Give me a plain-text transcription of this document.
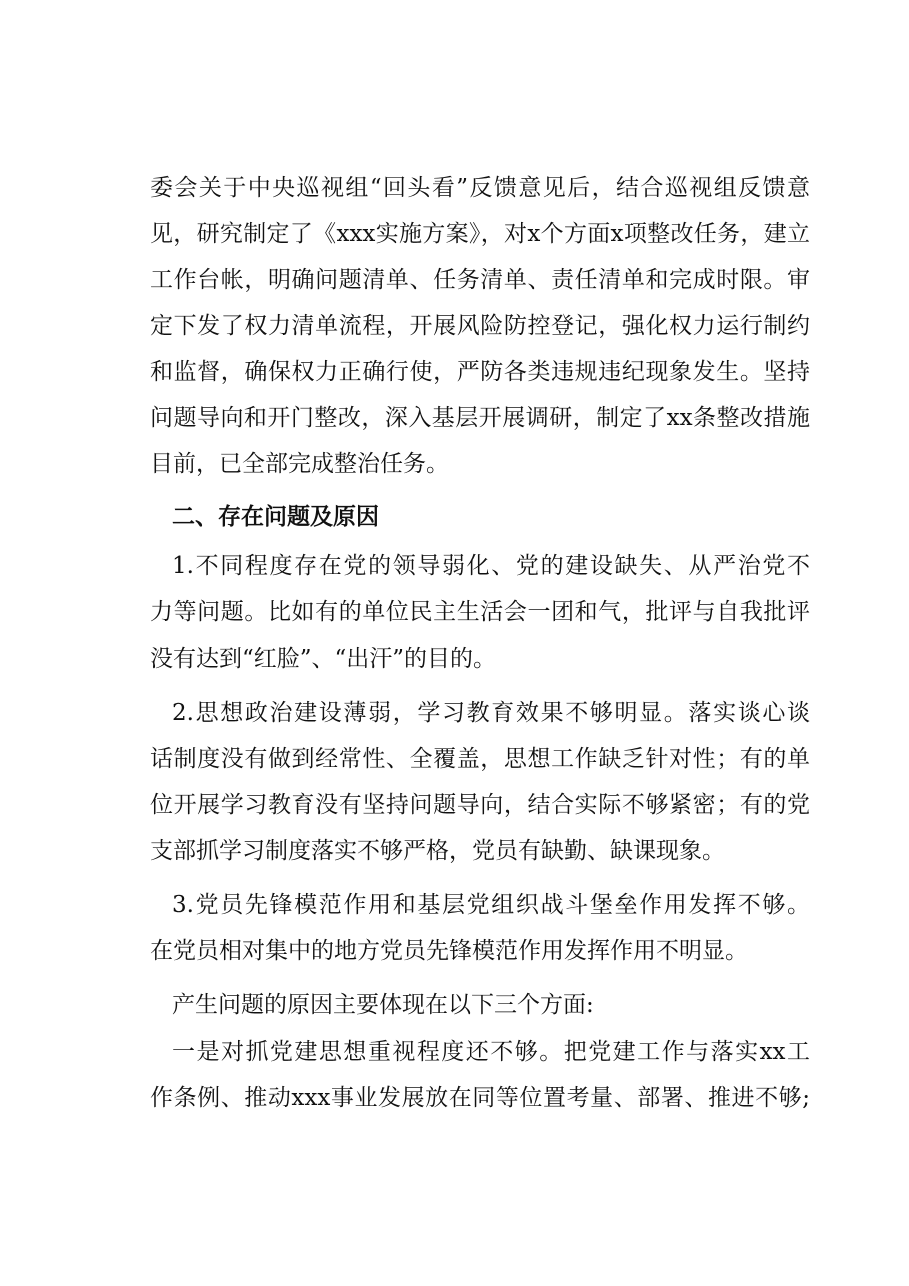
委会关于中央巡视组“回头看”反馈意见后，结合巡视组反馈意
见，研究制定了《xxx实施方案》，对x个方面x项整改任务，建立
工作台帐，明确问题清单、任务清单、责任清单和完成时限。审
定下发了权力清单流程，开展风险防控登记，强化权力运行制约
和监督，确保权力正确行使，严防各类违规违纪现象发生。坚持
问题导向和开门整改，深入基层开展调研，制定了xx条整改措施
目前，已全部完成整治任务。
二、存在问题及原因
1.不同程度存在党的领导弱化、党的建设缺失、从严治党不
力等问题。比如有的单位民主生活会一团和气，批评与自我批评
没有达到“红脸”、“出汗”的目的。
2.思想政治建设薄弱，学习教育效果不够明显。落实谈心谈
话制度没有做到经常性、全覆盖，思想工作缺乏针对性；有的单
位开展学习教育没有坚持问题导向，结合实际不够紧密；有的党
支部抓学习制度落实不够严格，党员有缺勤、缺课现象。
3.党员先锋模范作用和基层党组织战斗堡垒作用发挥不够。
在党员相对集中的地方党员先锋模范作用发挥作用不明显。
产生问题的原因主要体现在以下三个方面:
一是对抓党建思想重视程度还不够。把党建工作与落实xx工
作条例、推动xxx事业发展放在同等位置考量、部署、推进不够;
